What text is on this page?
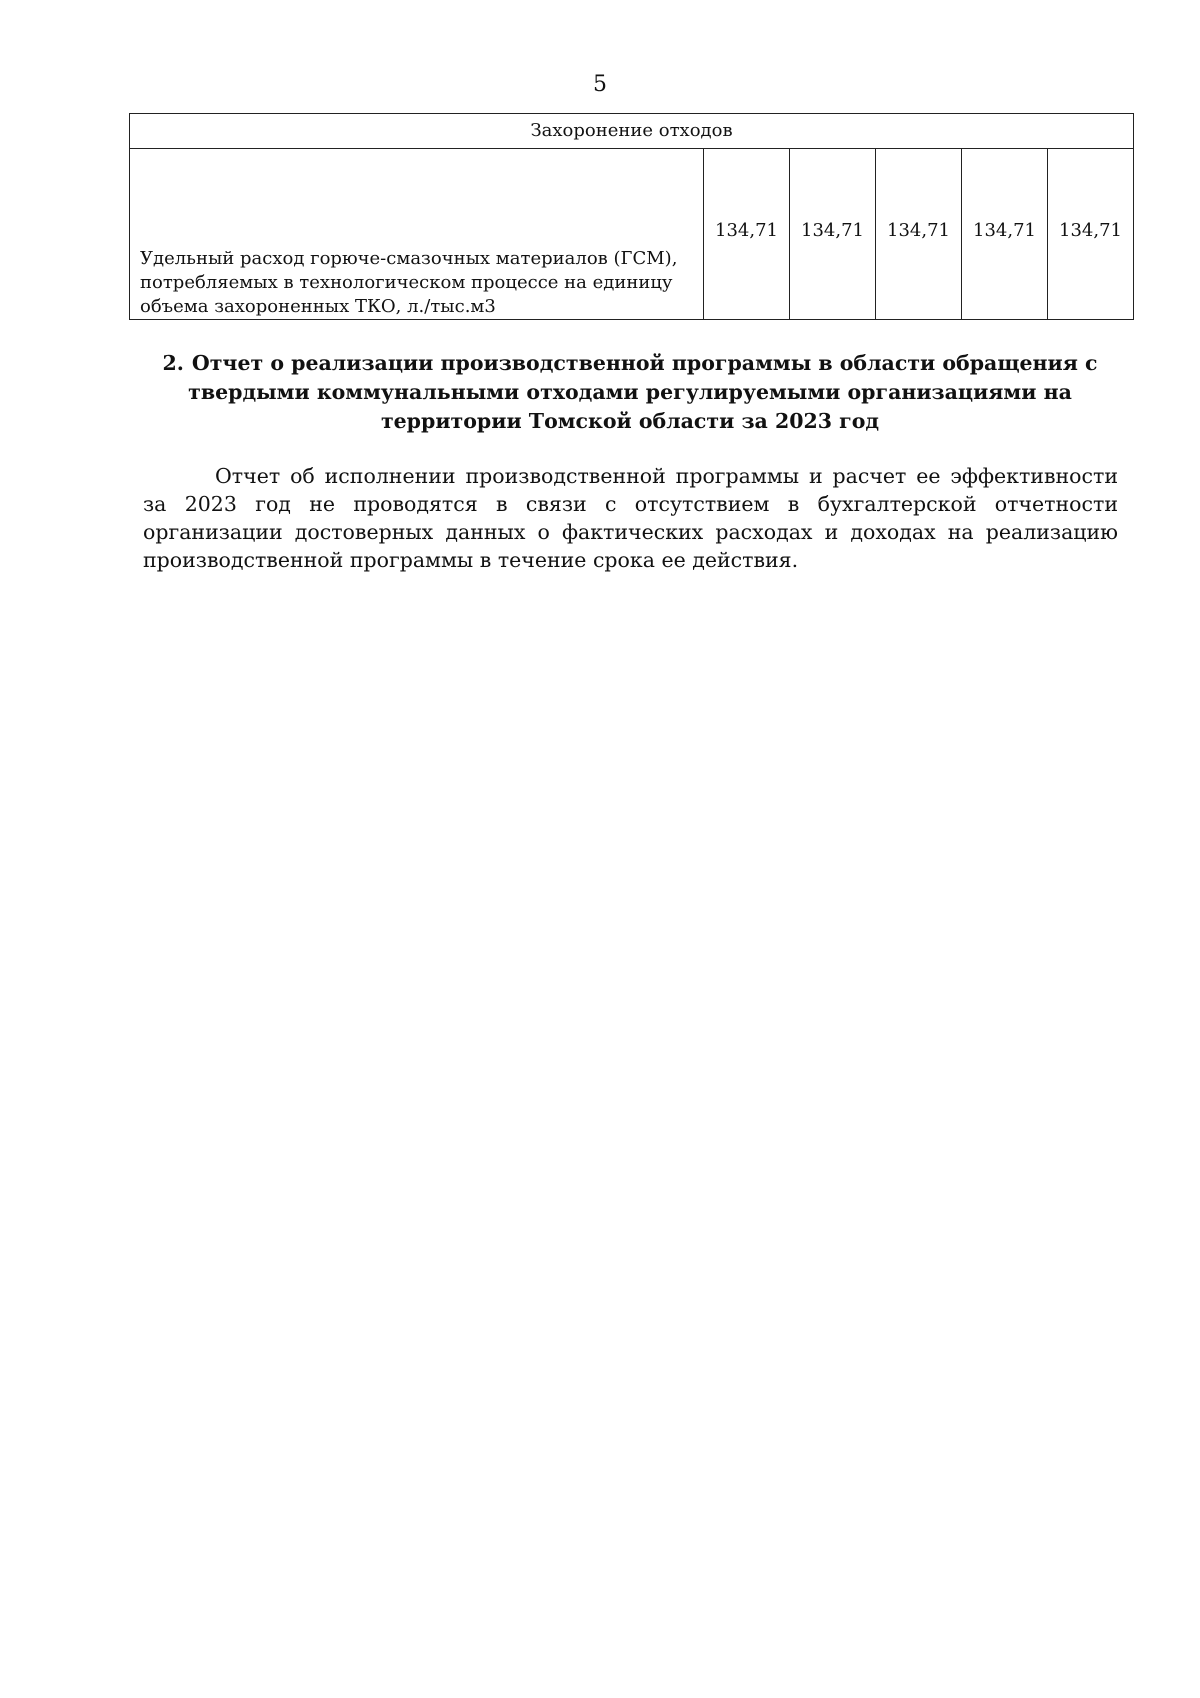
5
Захоронение отходов
Удельный расход горюче-смазочных материалов (ГСМ), потребляемых в технологическом процессе на единицу объема захороненных ТКО, л./тыс.м3	134,71	134,71	134,71	134,71	134,71
2. Отчет о реализации производственной программы в области обращения с твердыми коммунальными отходами регулируемыми организациями на территории Томской области за 2023 год
Отчет об исполнении производственной программы и расчет ее эффективности за 2023 год не проводятся в связи с отсутствием в бухгалтерской отчетности организации достоверных данных о фактических расходах и доходах на реализацию производственной программы в течение срока ее действия.
